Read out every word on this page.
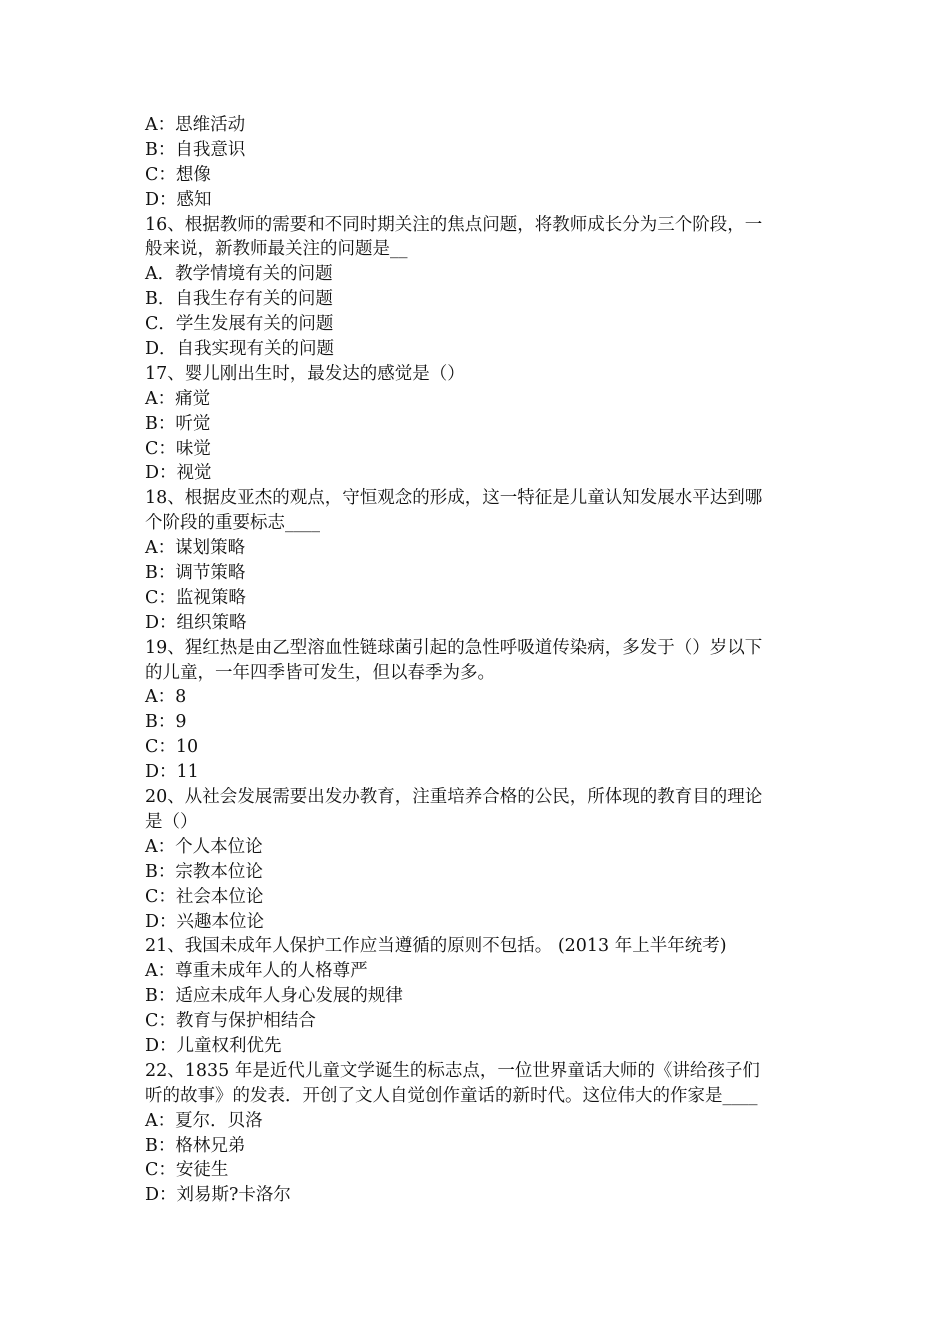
A：思维活动
B：自我意识
C：想像
D：感知
16、根据教师的需要和不同时期关注的焦点问题，将教师成长分为三个阶段，一
般来说，新教师最关注的问题是__
A．教学情境有关的问题
B．自我生存有关的问题
C．学生发展有关的问题
D．自我实现有关的问题
17、婴儿刚出生时，最发达的感觉是（）
A：痛觉
B：听觉
C：味觉
D：视觉
18、根据皮亚杰的观点，守恒观念的形成，这一特征是儿童认知发展水平达到哪
个阶段的重要标志____
A：谋划策略
B：调节策略
C：监视策略
D：组织策略
19、猩红热是由乙型溶血性链球菌引起的急性呼吸道传染病，多发于（）岁以下
的儿童，一年四季皆可发生，但以春季为多。
A：8
B：9
C：10
D：11
20、从社会发展需要出发办教育，注重培养合格的公民，所体现的教育目的理论
是（）
A：个人本位论
B：宗教本位论
C：社会本位论
D：兴趣本位论
21、我国未成年人保护工作应当遵循的原则不包括。 (2013 年上半年统考)
A：尊重未成年人的人格尊严
B：适应未成年人身心发展的规律
C：教育与保护相结合
D：儿童权利优先
22、1835 年是近代儿童文学诞生的标志点，一位世界童话大师的《讲给孩子们
听的故事》的发表．开创了文人自觉创作童话的新时代。这位伟大的作家是____
A：夏尔．贝洛
B：格林兄弟
C：安徒生
D：刘易斯?卡洛尔
